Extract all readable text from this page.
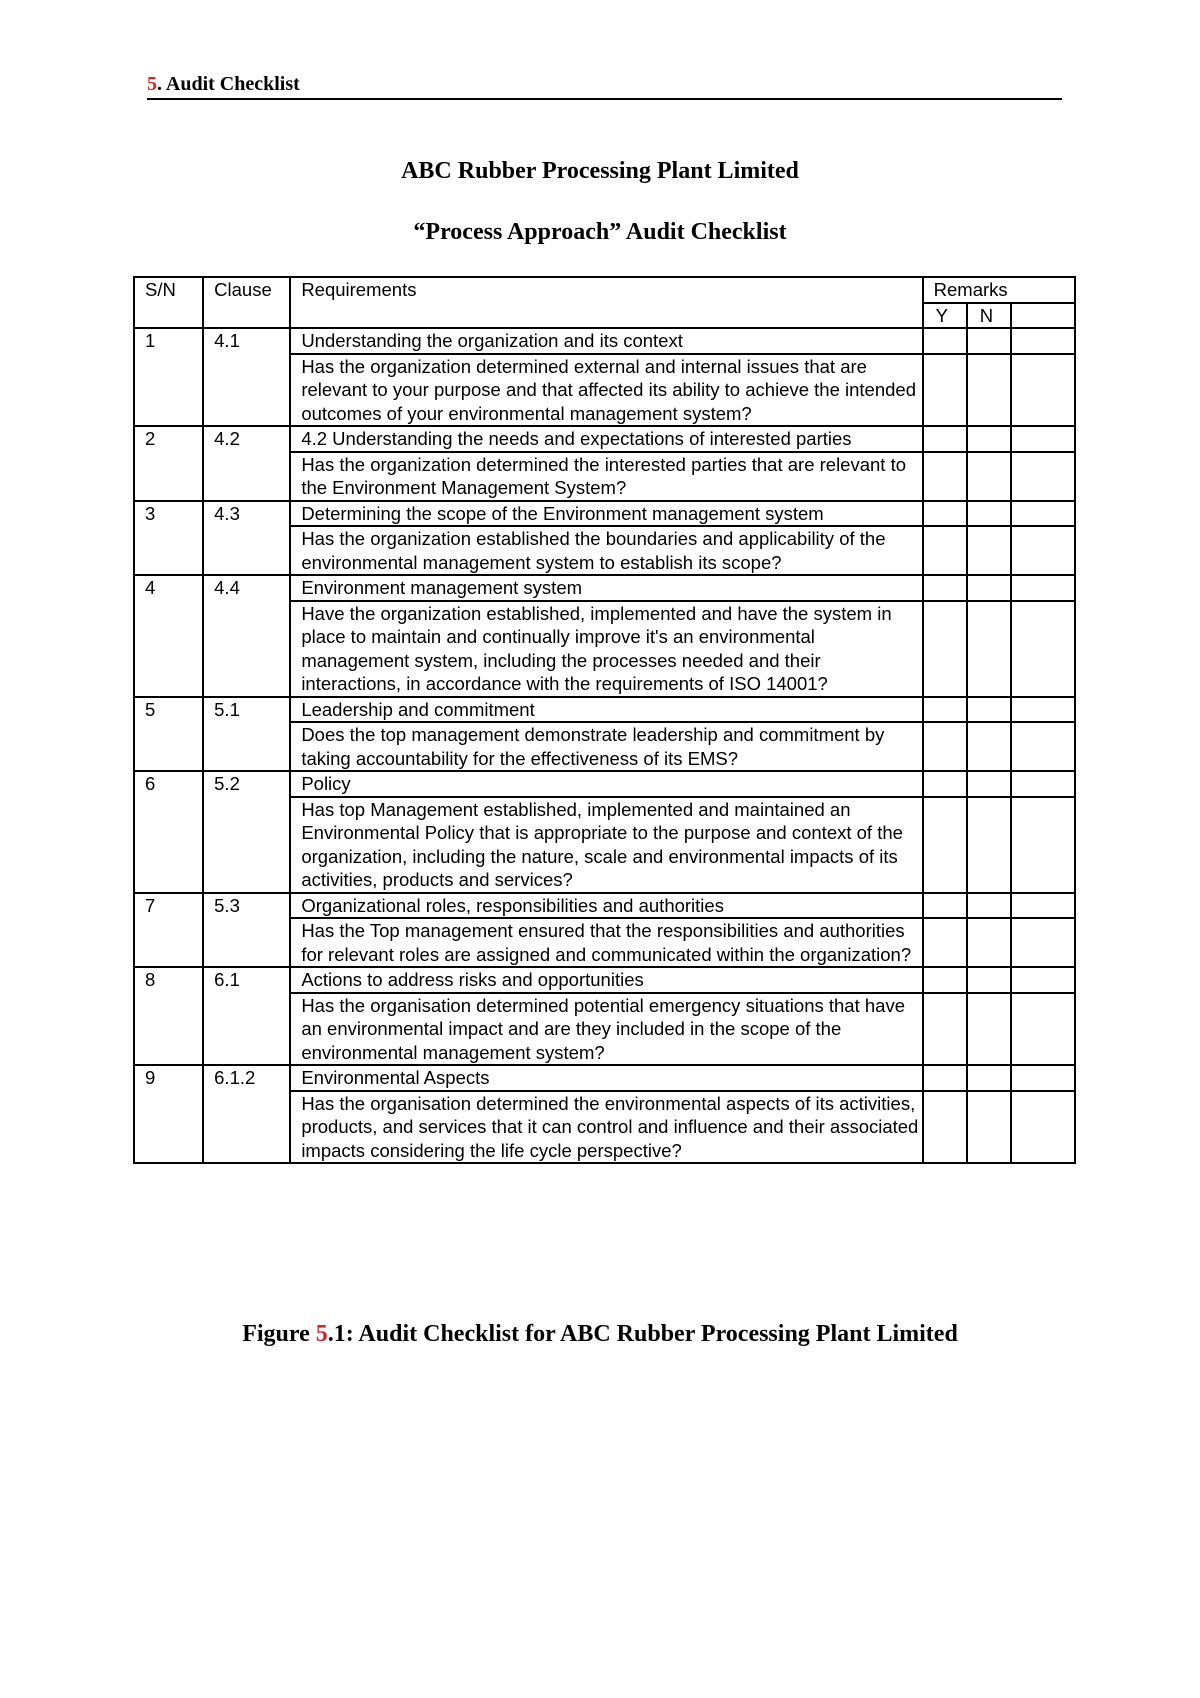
5. Audit Checklist
ABC Rubber Processing Plant Limited
“Process Approach” Audit Checklist
S/N	Clause	Requirements	Remarks		
			Y	N	
1	4.1	Understanding the organization and its context			
		Has the organization determined external and internal issues that are relevant to your purpose and that affected its ability to achieve the intended outcomes of your environmental management system?			
2	4.2	4.2 Understanding the needs and expectations of interested parties			
		Has the organization determined the interested parties that are relevant to the Environment Management System?			
3	4.3	Determining the scope of the Environment management system			
		Has the organization established the boundaries and applicability of the environmental management system to establish its scope?			
4	4.4	Environment management system			
		Have the organization established, implemented and have the system in place to maintain and continually improve it's an environmental management system, including the processes needed and their interactions, in accordance with the requirements of ISO 14001?			
5	5.1	Leadership and commitment			
		Does the top management demonstrate leadership and commitment by taking accountability for the effectiveness of its EMS?			
6	5.2	Policy			
		Has top Management established, implemented and maintained an Environmental Policy that is appropriate to the purpose and context of the organization, including the nature, scale and environmental impacts of its activities, products and services?			
7	5.3	Organizational roles, responsibilities and authorities			
		Has the Top management ensured that the responsibilities and authorities for relevant roles are assigned and communicated within the organization?			
8	6.1	Actions to address risks and opportunities			
		Has the organisation determined potential emergency situations that have an environmental impact and are they included in the scope of the environmental management system?			
9	6.1.2	Environmental Aspects			
		Has the organisation determined the environmental aspects of its activities, products, and services that it can control and influence and their associated impacts considering the life cycle perspective?			
Figure 5.1: Audit Checklist for ABC Rubber Processing Plant Limited
